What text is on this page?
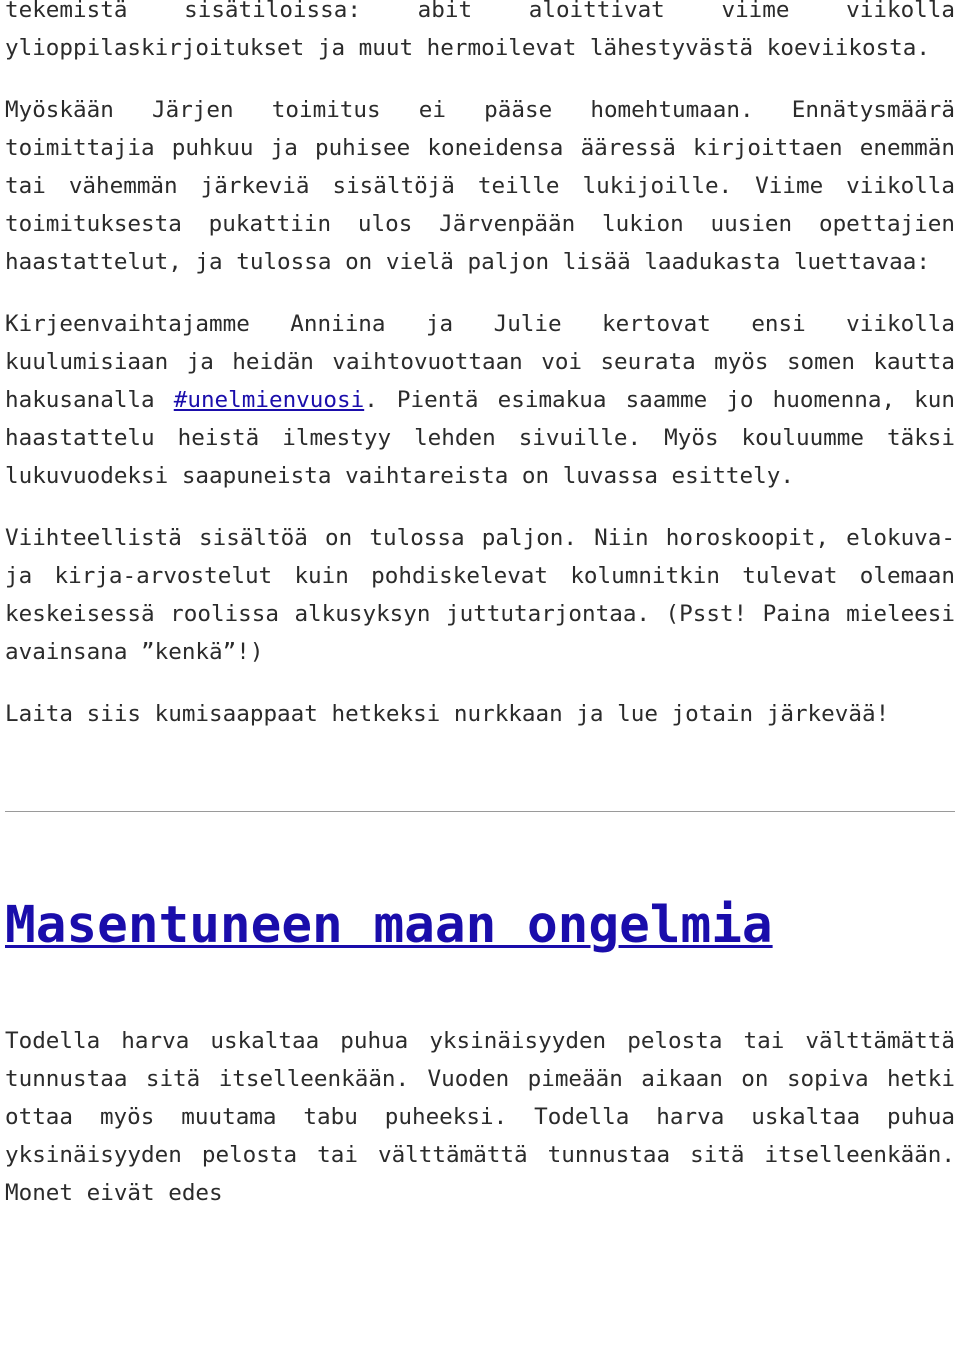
tekemistä sisätiloissa: abit aloittivat viime viikolla ylioppilaskirjoitukset ja muut hermoilevat lähestyvästä koeviikosta.

Myöskään Järjen toimitus ei pääse homehtumaan. Ennätysmäärä toimittajia puhkuu ja puhisee koneidensa ääressä kirjoittaen enemmän tai vähemmän järkeviä sisältöjä teille lukijoille. Viime viikolla toimituksesta pukattiin ulos Järvenpään lukion uusien opettajien haastattelut, ja tulossa on vielä paljon lisää laadukasta luettavaa:

Kirjeenvaihtajamme Anniina ja Julie kertovat ensi viikolla kuulumisiaan ja heidän vaihtovuottaan voi seurata myös somen kautta hakusanalla #unelmienvuosi. Pientä esimakua saamme jo huomenna, kun haastattelu heistä ilmestyy lehden sivuille. Myös kouluumme täksi lukuvuodeksi saapuneista vaihtareista on luvassa esittely.

Viihteellistä sisältöä on tulossa paljon. Niin horoskoopit, elokuva- ja kirja-arvostelut kuin pohdiskelevat kolumnitkin tulevat olemaan keskeisessä roolissa alkusyksyn juttutarjontaa. (Psst! Paina mieleesi avainsana ”kenkä”!)

Laita siis kumisaappaat hetkeksi nurkkaan ja lue jotain järkevää!

Masentuneen maan ongelmia

Todella harva uskaltaa puhua yksinäisyyden pelosta tai välttämättä tunnustaa sitä itselleenkään. Vuoden pimeään aikaan on sopiva hetki ottaa myös muutama tabu puheeksi. Todella harva uskaltaa puhua yksinäisyyden pelosta tai välttämättä tunnustaa sitä itselleenkään. Monet eivät edes
